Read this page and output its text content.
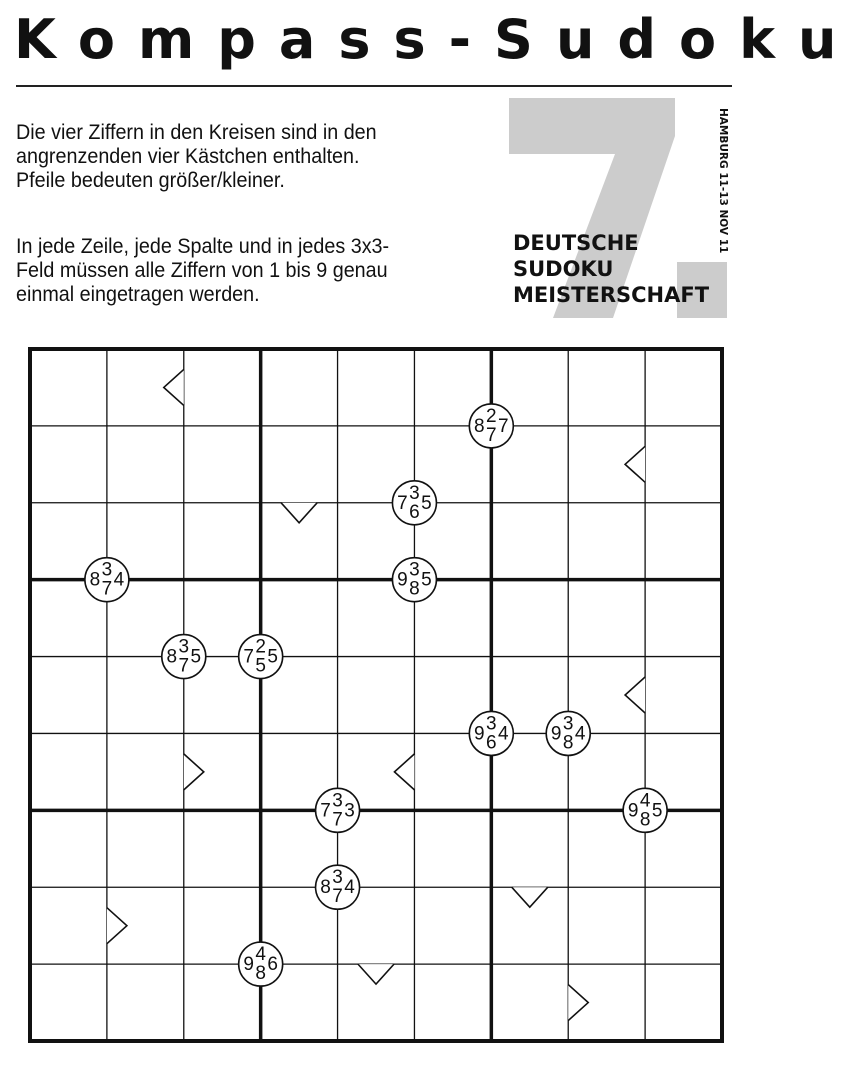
Kompass-Sudoku

Die vier Ziffern in den Kreisen sind in den

angrenzenden vier Kästchen enthalten.

Pfeile bedeuten größer/kleiner.

In jede Zeile, jede Spalte und in jedes 3x3-

Feld müssen alle Ziffern von 1 bis 9 genau

einmal eingetragen werden.

DEUTSCHE
SUDOKU
MEISTERSCHAFT
HAMBURG 11-13 NOV 11
2
8 7
7
3
7 5
6
3
8 4
7
3
9 5
8
3
8 5
7
2
7 5
5
3
9 4
6
3
9 4
8
3
7 3
7
4
9 5
8
3
8 4
7
4
9 6
8
